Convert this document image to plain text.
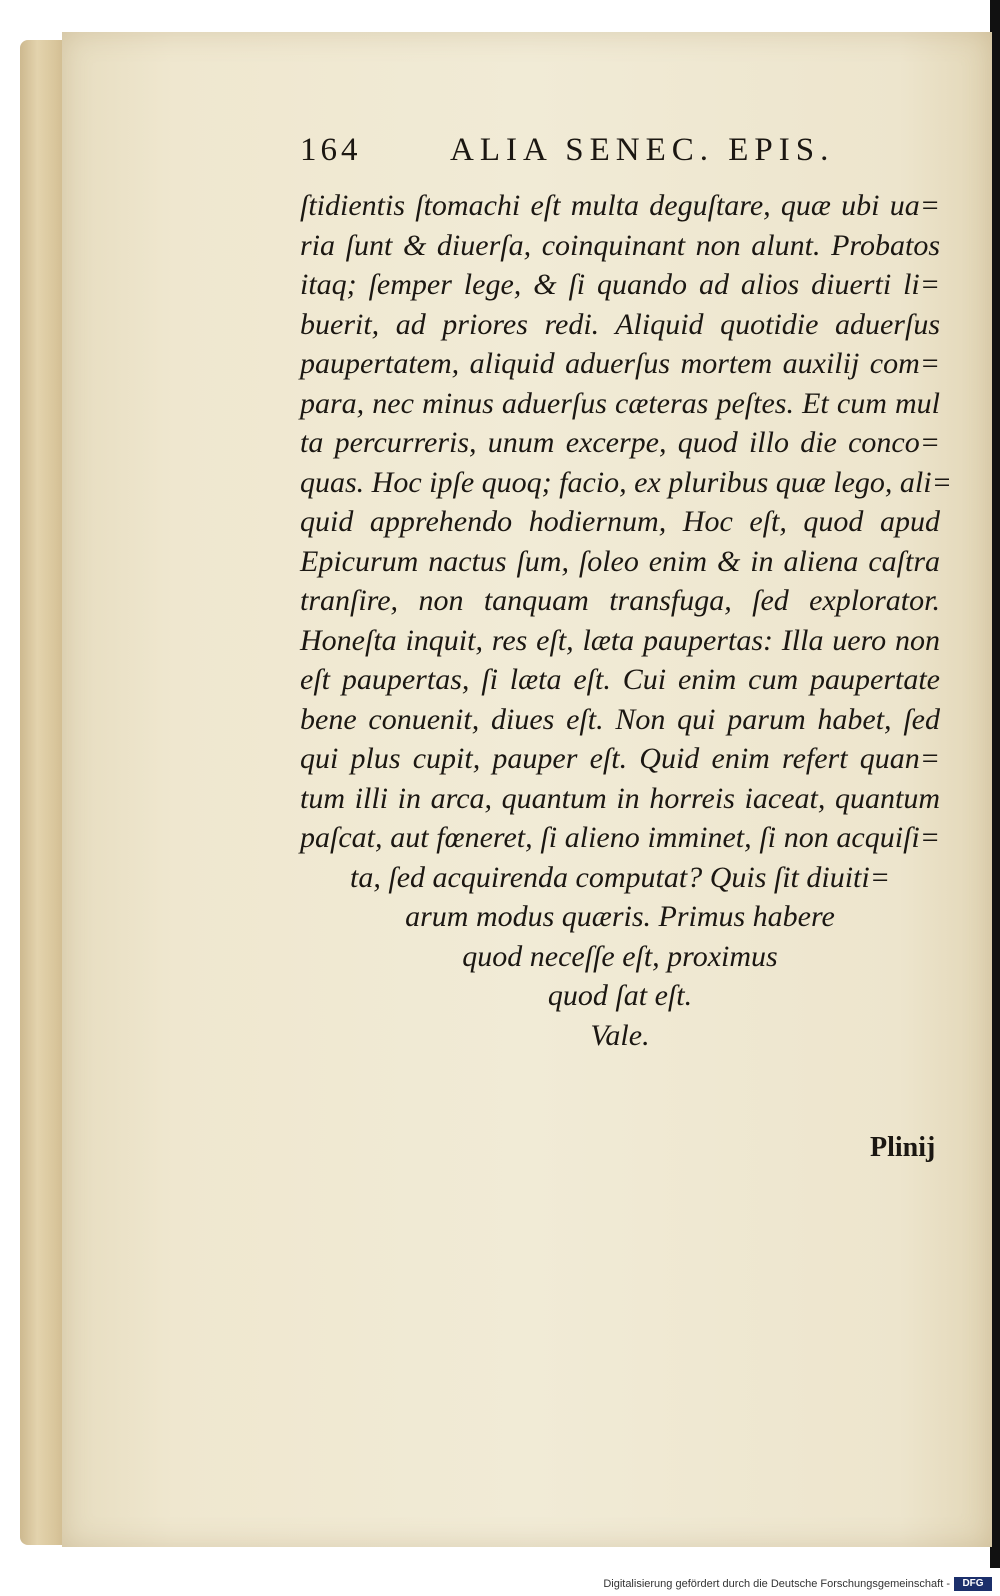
164	ALIA SENEC. EPIS.
ſtidientis ſtomachi eſt multa deguſtare, quæ ubi ua=
ria ſunt & diuerſa, coinquinant non alunt. Probatos
itaq; ſemper lege, & ſi quando ad alios diuerti li=
buerit, ad priores redi. Aliquid quotidie aduerſus
paupertatem, aliquid aduerſus mortem auxilij com=
para, nec minus aduerſus cæteras peſtes. Et cum mul
ta percurreris, unum excerpe, quod illo die conco=
quas. Hoc ipſe quoq; facio, ex pluribus quæ lego, ali=
quid apprehendo hodiernum, Hoc eſt, quod apud
Epicurum nactus ſum, ſoleo enim & in aliena caſtra
tranſire, non tanquam transfuga, ſed explorator.
Honeſta inquit, res eſt, læta paupertas: Illa uero non
eſt paupertas, ſi læta eſt. Cui enim cum paupertate
bene conuenit, diues eſt. Non qui parum habet, ſed
qui plus cupit, pauper eſt. Quid enim refert quan=
tum illi in arca, quantum in horreis iaceat, quantum
paſcat, aut fœneret, ſi alieno imminet, ſi non acquiſi=
ta, ſed acquirenda computat? Quis ſit diuiti=
arum modus quæris. Primus habere
quod neceſſe eſt, proximus
quod ſat eſt.
Vale.
Plinij
Digitalisierung gefördert durch die Deutsche Forschungsgemeinschaft -	DFG
